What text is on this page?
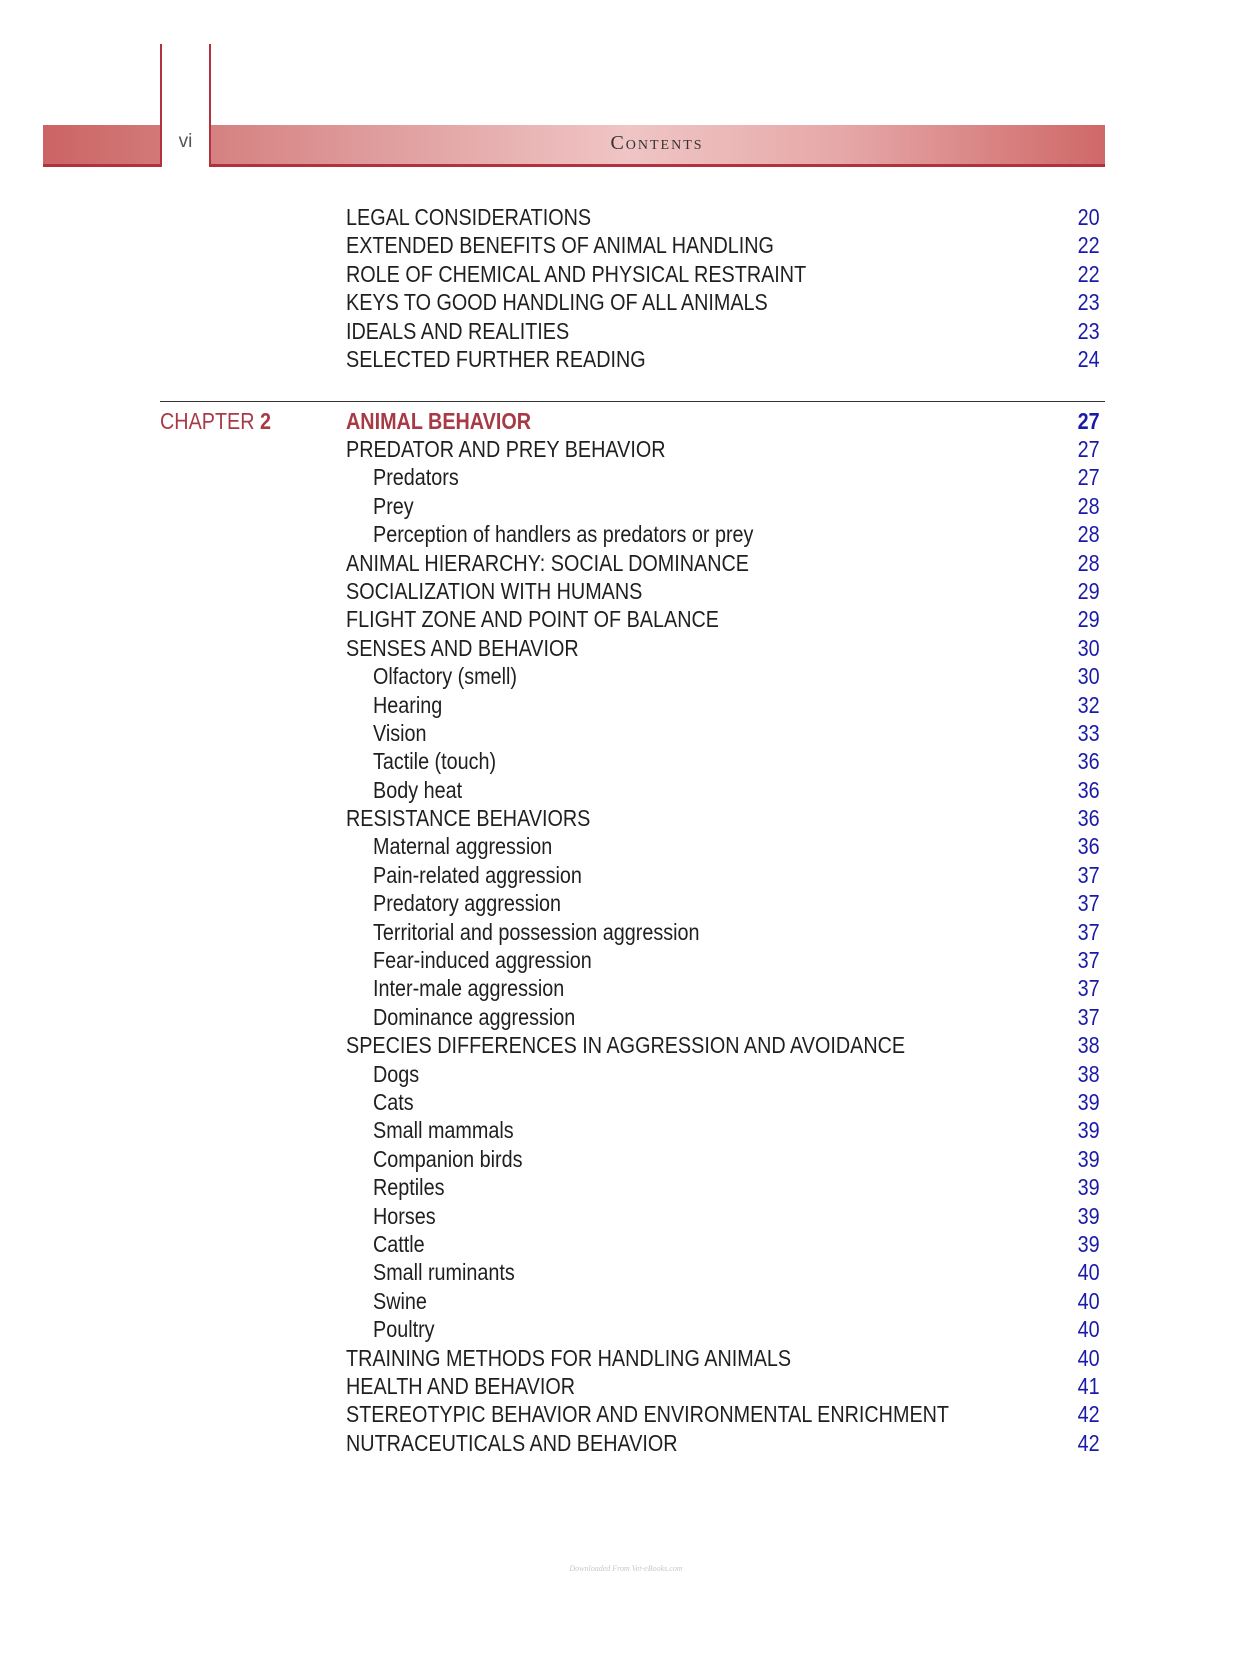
vi	Contents
LEGAL CONSIDERATIONS	20
EXTENDED BENEFITS OF ANIMAL HANDLING	22
ROLE OF CHEMICAL AND PHYSICAL RESTRAINT	22
KEYS TO GOOD HANDLING OF ALL ANIMALS	23
IDEALS AND REALITIES	23
SELECTED FURTHER READING	24
CHAPTER 2	ANIMAL BEHAVIOR	27
PREDATOR AND PREY BEHAVIOR	27
Predators	27
Prey	28
Perception of handlers as predators or prey	28
ANIMAL HIERARCHY: SOCIAL DOMINANCE	28
SOCIALIZATION WITH HUMANS	29
FLIGHT ZONE AND POINT OF BALANCE	29
SENSES AND BEHAVIOR	30
Olfactory (smell)	30
Hearing	32
Vision	33
Tactile (touch)	36
Body heat	36
RESISTANCE BEHAVIORS	36
Maternal aggression	36
Pain-related aggression	37
Predatory aggression	37
Territorial and possession aggression	37
Fear-induced aggression	37
Inter-male aggression	37
Dominance aggression	37
SPECIES DIFFERENCES IN AGGRESSION AND AVOIDANCE	38
Dogs	38
Cats	39
Small mammals	39
Companion birds	39
Reptiles	39
Horses	39
Cattle	39
Small ruminants	40
Swine	40
Poultry	40
TRAINING METHODS FOR HANDLING ANIMALS	40
HEALTH AND BEHAVIOR	41
STEREOTYPIC BEHAVIOR AND ENVIRONMENTAL ENRICHMENT	42
NUTRACEUTICALS AND BEHAVIOR	42
Downloaded From Vet-eBooks.com
